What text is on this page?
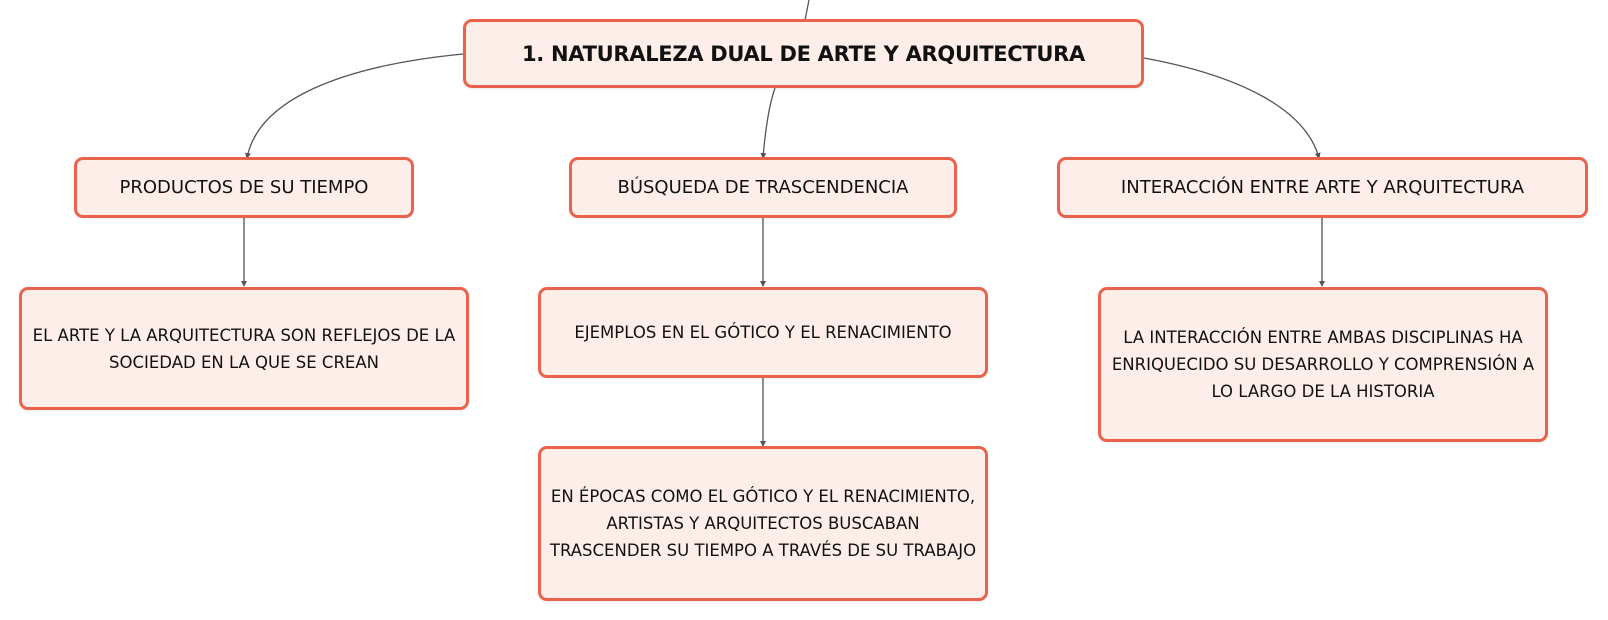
1. NATURALEZA DUAL DE ARTE Y ARQUITECTURA
PRODUCTOS DE SU TIEMPO	BÚSQUEDA DE TRASCENDENCIA	INTERACCIÓN ENTRE ARTE Y ARQUITECTURA
EL ARTE Y LA ARQUITECTURA SON REFLEJOS DE LA SOCIEDAD EN LA QUE SE CREAN
EJEMPLOS EN EL GÓTICO Y EL RENACIMIENTO
EN ÉPOCAS COMO EL GÓTICO Y EL RENACIMIENTO, ARTISTAS Y ARQUITECTOS BUSCABAN TRASCENDER SU TIEMPO A TRAVÉS DE SU TRABAJO
LA INTERACCIÓN ENTRE AMBAS DISCIPLINAS HA ENRIQUECIDO SU DESARROLLO Y COMPRENSIÓN A LO LARGO DE LA HISTORIA
